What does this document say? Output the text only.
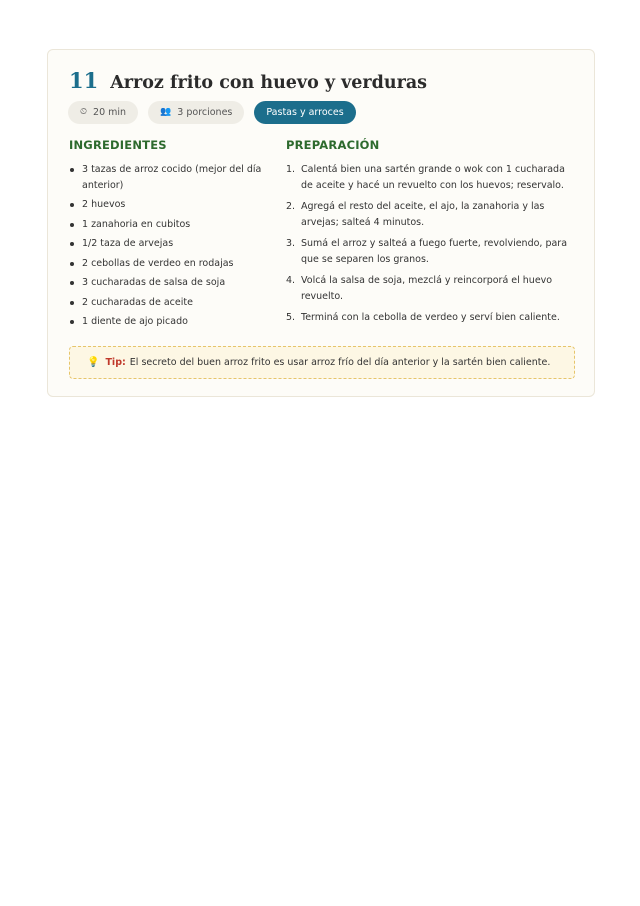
11 Arroz frito con huevo y verduras
⏲ 20 min	👥 3 porciones	Pastas y arroces
INGREDIENTES	PREPARACIÓN
3 tazas de arroz cocido (mejor del día anterior)
2 huevos
1 zanahoria en cubitos
1/2 taza de arvejas
2 cebollas de verdeo en rodajas
3 cucharadas de salsa de soja
2 cucharadas de aceite
1 diente de ajo picado
1. Calentá bien una sartén grande o wok con 1 cucharada de aceite y hacé un revuelto con los huevos; reservalo.
2. Agregá el resto del aceite, el ajo, la zanahoria y las arvejas; salteá 4 minutos.
3. Sumá el arroz y salteá a fuego fuerte, revolviendo, para que se separen los granos.
4. Volcá la salsa de soja, mezclá y reincorporá el huevo revuelto.
5. Terminá con la cebolla de verdeo y serví bien caliente.
💡 Tip: El secreto del buen arroz frito es usar arroz frío del día anterior y la sartén bien caliente.
